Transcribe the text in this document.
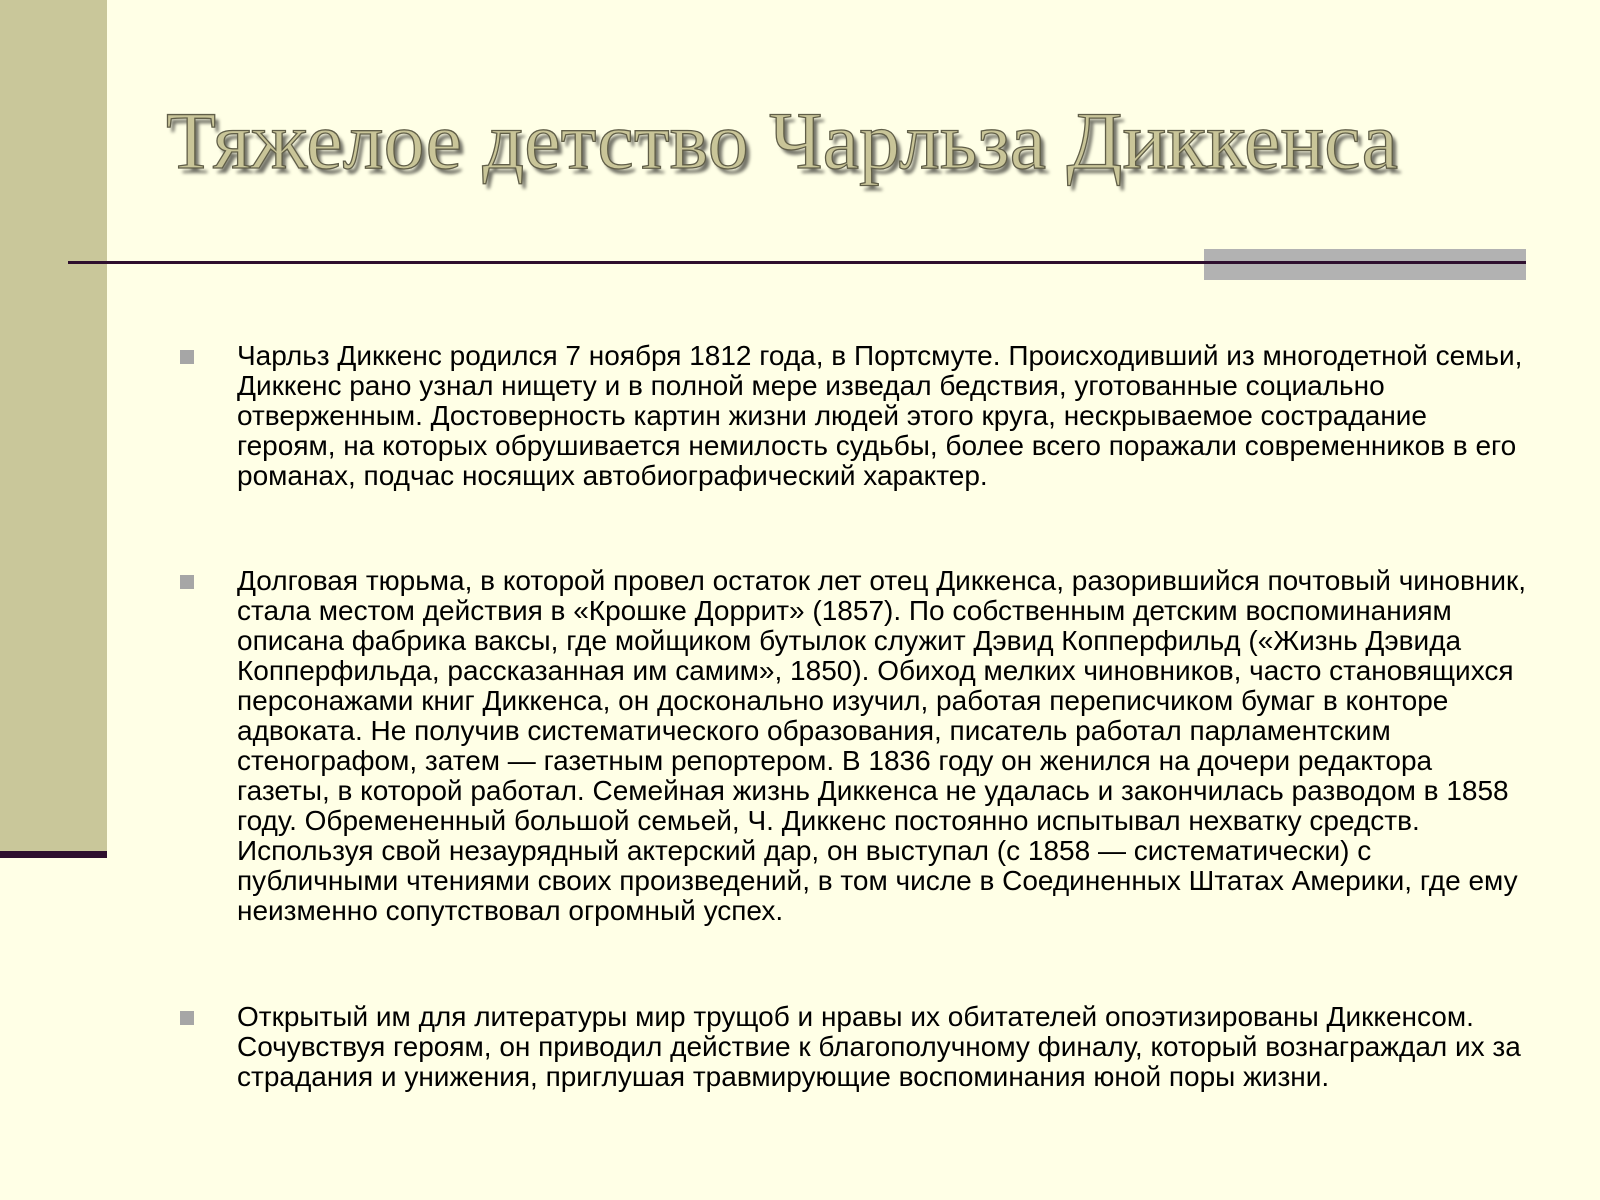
Тяжелое детство Чарльза Диккенса

Чарльз Диккенс родился 7 ноября 1812 года, в Портсмуте. Происходивший из многодетной семьи, Диккенс рано узнал нищету и в полной мере изведал бедствия, уготованные социально отверженным. Достоверность картин жизни людей этого круга, нескрываемое сострадание героям, на которых обрушивается немилость судьбы, более всего поражали современников в его романах, подчас носящих автобиографический характер.

Долговая тюрьма, в которой провел остаток лет отец Диккенса, разорившийся почтовый чиновник, стала местом действия в «Крошке Доррит» (1857). По собственным детским воспоминаниям описана фабрика ваксы, где мойщиком бутылок служит Дэвид Копперфильд («Жизнь Дэвида Копперфильда, рассказанная им самим», 1850). Обиход мелких чиновников, часто становящихся персонажами книг Диккенса, он досконально изучил, работая переписчиком бумаг в конторе адвоката. Не получив систематического образования, писатель работал парламентским стенографом, затем — газетным репортером. В 1836 году он женился на дочери редактора газеты, в которой работал. Семейная жизнь Диккенса не удалась и закончилась разводом в 1858 году. Обремененный большой семьей, Ч. Диккенс постоянно испытывал нехватку средств. Используя свой незаурядный актерский дар, он выступал (с 1858 — систематически) с публичными чтениями своих произведений, в том числе в Соединенных Штатах Америки, где ему неизменно сопутствовал огромный успех.

Открытый им для литературы мир трущоб и нравы их обитателей опоэтизированы Диккенсом. Сочувствуя героям, он приводил действие к благополучному финалу, который вознаграждал их за страдания и унижения, приглушая травмирующие воспоминания юной поры жизни.
